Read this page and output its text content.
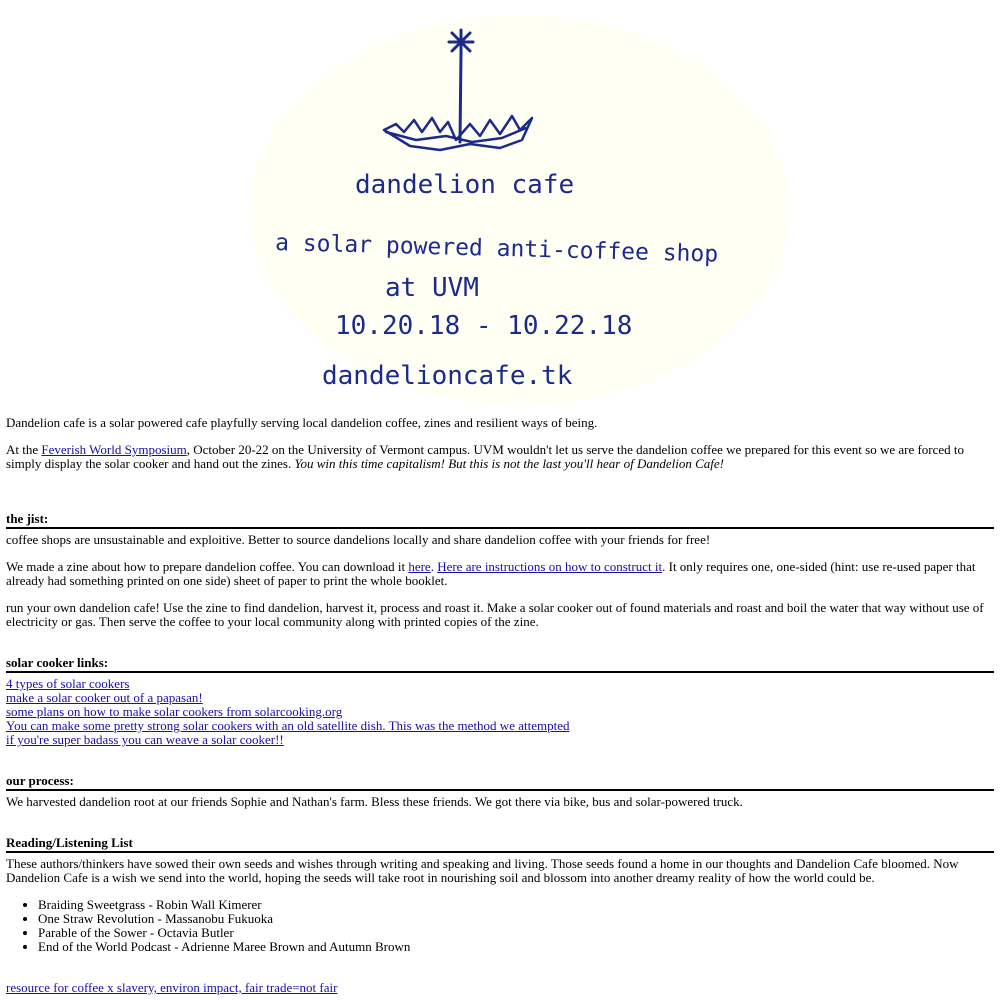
dandelion cafe
a solar powered anti-coffee shop
at UVM
10.20.18 - 10.22.18
dandelioncafe.tk

Dandelion cafe is a solar powered cafe playfully serving local dandelion coffee, zines and resilient ways of being.

At the Feverish World Symposium, October 20-22 on the University of Vermont campus. UVM wouldn't let us serve the dandelion coffee we prepared for this event so we are forced to simply display the solar cooker and hand out the zines. You win this time capitalism! But this is not the last you'll hear of Dandelion Cafe!

the jist:

coffee shops are unsustainable and exploitive. Better to source dandelions locally and share dandelion coffee with your friends for free!

We made a zine about how to prepare dandelion coffee. You can download it here. Here are instructions on how to construct it. It only requires one, one-sided (hint: use re-used paper that already had something printed on one side) sheet of paper to print the whole booklet.

run your own dandelion cafe! Use the zine to find dandelion, harvest it, process and roast it. Make a solar cooker out of found materials and roast and boil the water that way without use of electricity or gas. Then serve the coffee to your local community along with printed copies of the zine.

solar cooker links:
4 types of solar cookers
make a solar cooker out of a papasan!
some plans on how to make solar cookers from solarcooking.org
You can make some pretty strong solar cookers with an old satellite dish. This was the method we attempted
if you're super badass you can weave a solar cooker!!
our process:

We harvested dandelion root at our friends Sophie and Nathan's farm. Bless these friends. We got there via bike, bus and solar-powered truck.

Reading/Listening List

These authors/thinkers have sowed their own seeds and wishes through writing and speaking and living. Those seeds found a home in our thoughts and Dandelion Cafe bloomed. Now Dandelion Cafe is a wish we send into the world, hoping the seeds will take root in nourishing soil and blossom into another dreamy reality of how the world could be.

• Braiding Sweetgrass - Robin Wall Kimerer
• One Straw Revolution - Massanobu Fukuoka
• Parable of the Sower - Octavia Butler
• End of the World Podcast - Adrienne Maree Brown and Autumn Brown

resource for coffee x slavery, environ impact, fair trade=not fair
